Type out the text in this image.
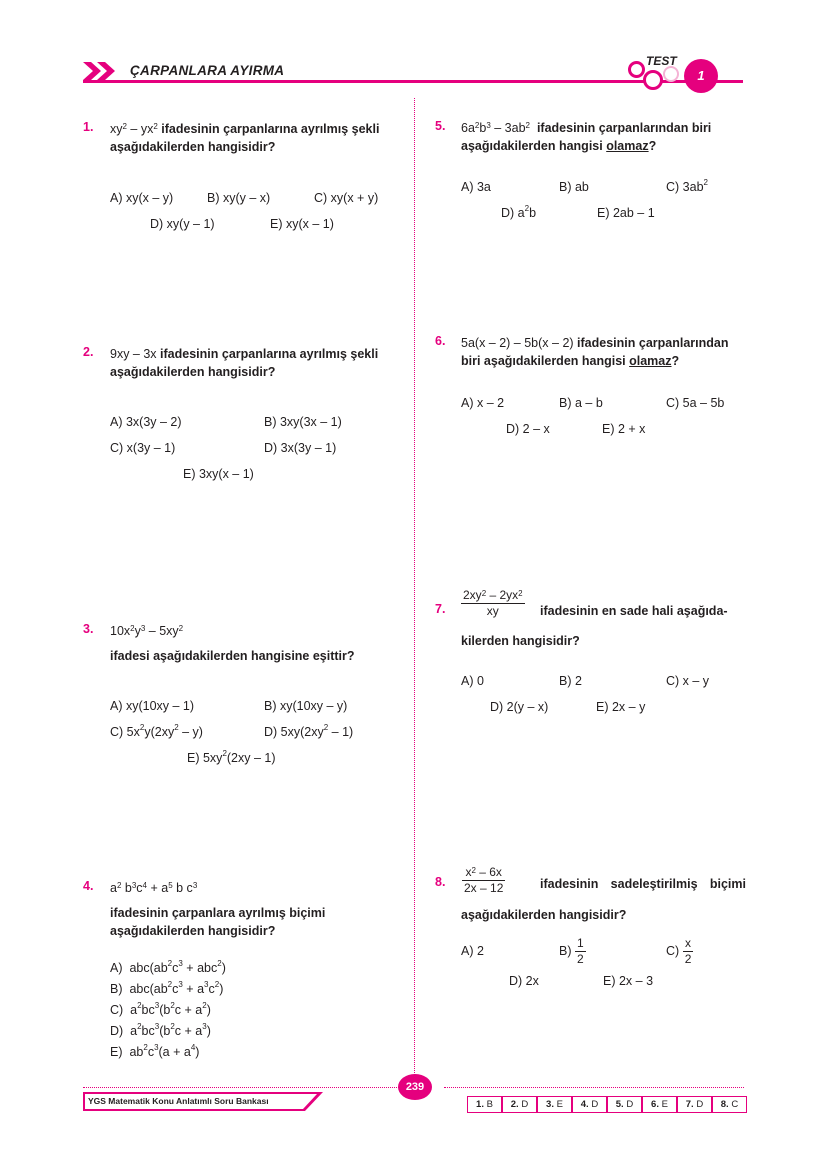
ÇARPANLARA AYIRMA
TEST
1
1. $xy^2 - yx^2$ ifadesinin çarpanlarına ayrılmış şekli aşağıdakilerden hangisidir?
A) xy(x – y)	B) xy(y – x)	C) xy(x + y)
D) xy(y – 1)	E) xy(x – 1)
2. 9xy – 3x ifadesinin çarpanlarına ayrılmış şekli aşağıdakilerden hangisidir?
A) 3x(3y – 2)	B) 3xy(3x – 1)
C) x(3y – 1)	D) 3x(3y – 1)
E) 3xy(x – 1)
3. $10x^2y^3 - 5xy^2$
ifadesi aşağıdakilerden hangisine eşittir?
A) xy(10xy – 1)	B) xy(10xy – y)
C) $5x^2y(2xy^2 - y)$	D) $5xy(2xy^2 - 1)$
E) $5xy^2(2xy - 1)$
4. $a^2$ $b^3c^4 + a^5$ b $c^3$
ifadesinin çarpanlara ayrılmış biçimi aşağıdakilerden hangisidir?
A)  $abc(ab^2c^3 + abc^2)$
B)  $abc(ab^2c^3 + a^3c^2)$
C)  $a^2bc^3(b^2c + a^2)$
D)  $a^2bc^3(b^2c + a^3)$
E)  $ab^2c^3(a + a^4)$
5. $6a^2b^3 - 3ab^2$ ifadesinin çarpanlarından biri aşağıdakilerden hangisi olamaz?
A) 3a	B) ab	C) $3ab^2$
D) $a^2b$	E) 2ab – 1
6. 5a(x – 2) – 5b(x – 2) ifadesinin çarpanlarından biri aşağıdakilerden hangisi olamaz?
A) x – 2	B) a – b	C) 5a – 5b
D) 2 – x	E) 2 + x
7. $\frac{2xy^2 - 2yx^2}{xy}$ ifadesinin en sade hali aşağıda-
kilerden hangisidir?
A) 0	B) 2	C) x – y
D) 2(y – x)	E) 2x – y
8. $\frac{x^2 - 6x}{2x - 12}$	ifadesinin sadeleştirilmiş biçimi
aşağıdakilerden hangisidir?
A) 2	$B) \frac{1}{2}$	$C) \frac{x}{2}$
D) 2x	E) 2x – 3
YGS Matematik Konu Anlatımlı Soru Bankası
239
1. B	2. D	3. E	4. D	5. D	6. E	7. D	8. C
